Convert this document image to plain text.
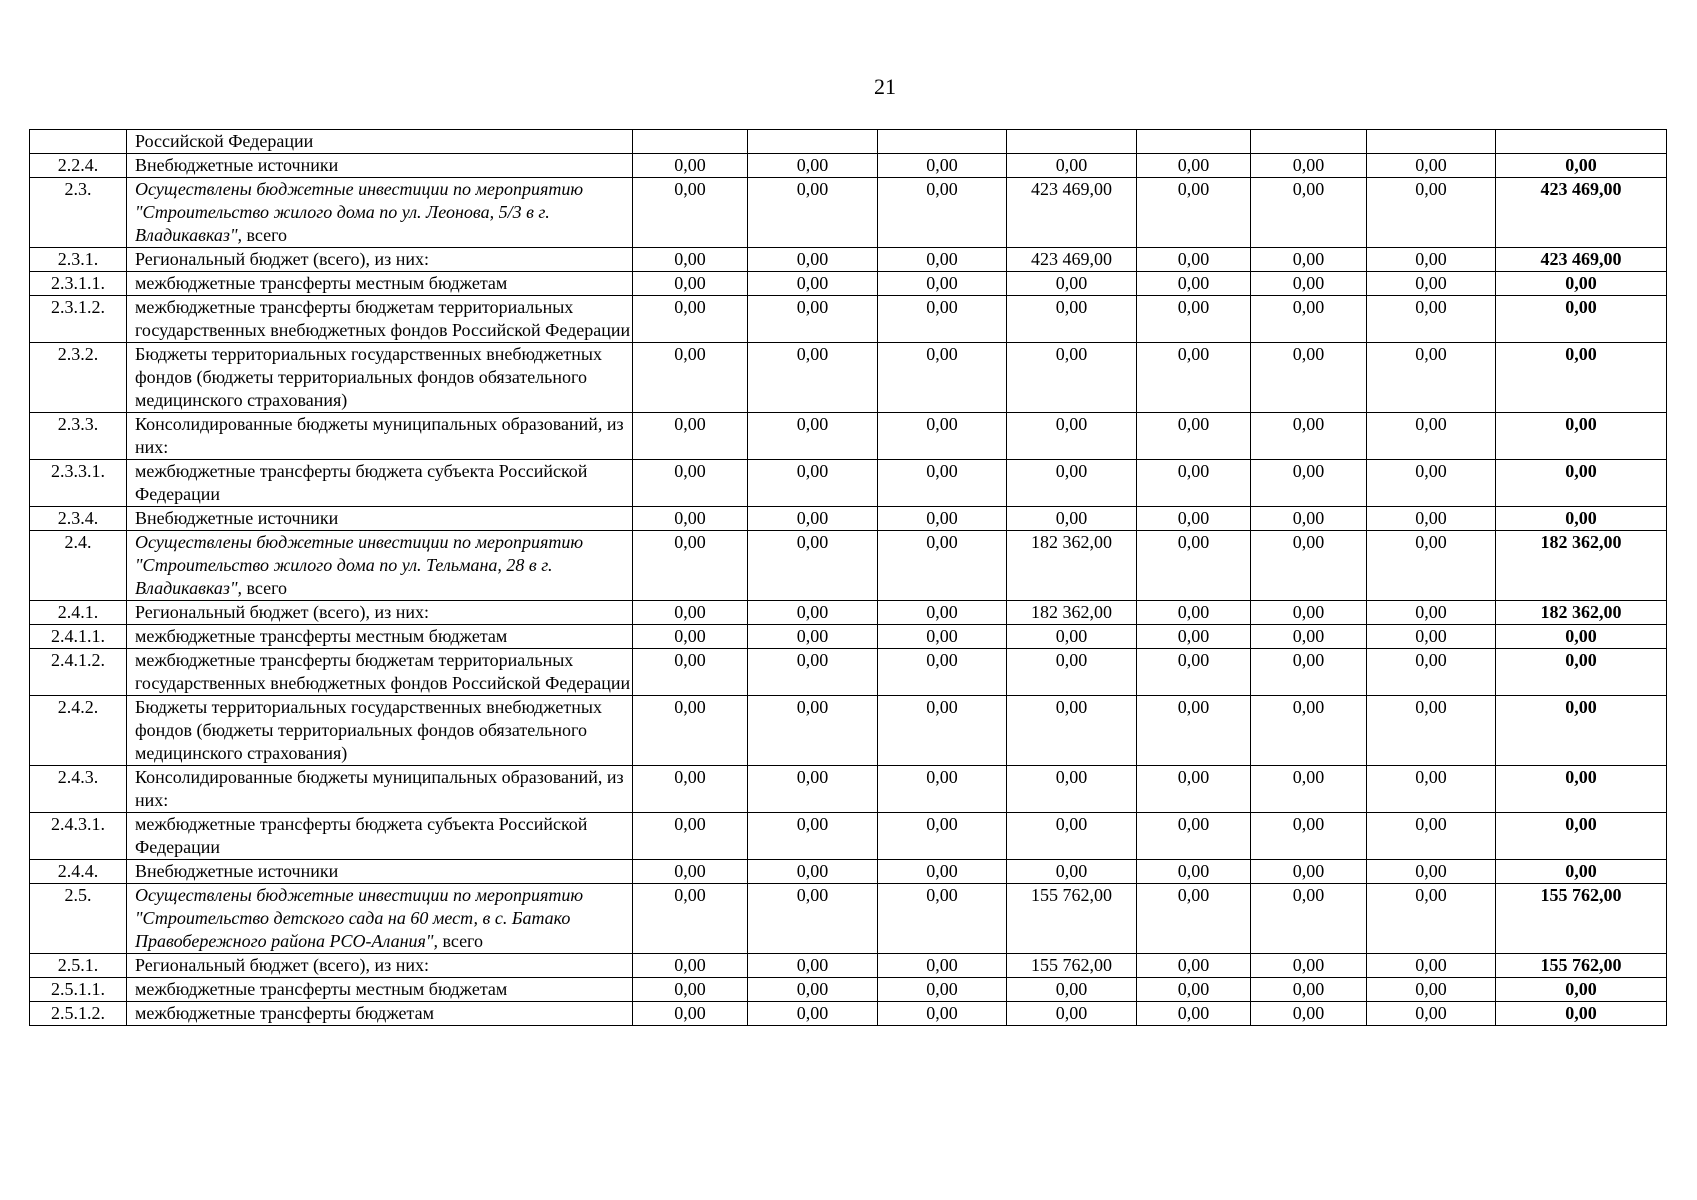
21
	Российской Федерации								
2.2.4.	Внебюджетные источники	0,00	0,00	0,00	0,00	0,00	0,00	0,00	0,00
2.3.	Осуществлены бюджетные инвестиции по мероприятию "Строительство жилого дома по ул. Леонова, 5/3 в г. Владикавказ", всего	0,00	0,00	0,00	423 469,00	0,00	0,00	0,00	423 469,00
2.3.1.	Региональный бюджет (всего), из них:	0,00	0,00	0,00	423 469,00	0,00	0,00	0,00	423 469,00
2.3.1.1.	межбюджетные трансферты местным бюджетам	0,00	0,00	0,00	0,00	0,00	0,00	0,00	0,00
2.3.1.2.	межбюджетные трансферты бюджетам территориальных государственных внебюджетных фондов Российской Федерации	0,00	0,00	0,00	0,00	0,00	0,00	0,00	0,00
2.3.2.	Бюджеты территориальных государственных внебюджетных фондов (бюджеты территориальных фондов обязательного медицинского страхования)	0,00	0,00	0,00	0,00	0,00	0,00	0,00	0,00
2.3.3.	Консолидированные бюджеты муниципальных образований, из них:	0,00	0,00	0,00	0,00	0,00	0,00	0,00	0,00
2.3.3.1.	межбюджетные трансферты бюджета субъекта Российской Федерации	0,00	0,00	0,00	0,00	0,00	0,00	0,00	0,00
2.3.4.	Внебюджетные источники	0,00	0,00	0,00	0,00	0,00	0,00	0,00	0,00
2.4.	Осуществлены бюджетные инвестиции по мероприятию "Строительство жилого дома по ул. Тельмана, 28 в г. Владикавказ", всего	0,00	0,00	0,00	182 362,00	0,00	0,00	0,00	182 362,00
2.4.1.	Региональный бюджет (всего), из них:	0,00	0,00	0,00	182 362,00	0,00	0,00	0,00	182 362,00
2.4.1.1.	межбюджетные трансферты местным бюджетам	0,00	0,00	0,00	0,00	0,00	0,00	0,00	0,00
2.4.1.2.	межбюджетные трансферты бюджетам территориальных государственных внебюджетных фондов Российской Федерации	0,00	0,00	0,00	0,00	0,00	0,00	0,00	0,00
2.4.2.	Бюджеты территориальных государственных внебюджетных фондов (бюджеты территориальных фондов обязательного медицинского страхования)	0,00	0,00	0,00	0,00	0,00	0,00	0,00	0,00
2.4.3.	Консолидированные бюджеты муниципальных образований, из них:	0,00	0,00	0,00	0,00	0,00	0,00	0,00	0,00
2.4.3.1.	межбюджетные трансферты бюджета субъекта Российской Федерации	0,00	0,00	0,00	0,00	0,00	0,00	0,00	0,00
2.4.4.	Внебюджетные источники	0,00	0,00	0,00	0,00	0,00	0,00	0,00	0,00
2.5.	Осуществлены бюджетные инвестиции по мероприятию "Строительство детского сада на 60 мест, в с. Батако Правобережного района РСО-Алания", всего	0,00	0,00	0,00	155 762,00	0,00	0,00	0,00	155 762,00
2.5.1.	Региональный бюджет (всего), из них:	0,00	0,00	0,00	155 762,00	0,00	0,00	0,00	155 762,00
2.5.1.1.	межбюджетные трансферты местным бюджетам	0,00	0,00	0,00	0,00	0,00	0,00	0,00	0,00
2.5.1.2.	межбюджетные трансферты бюджетам	0,00	0,00	0,00	0,00	0,00	0,00	0,00	0,00
